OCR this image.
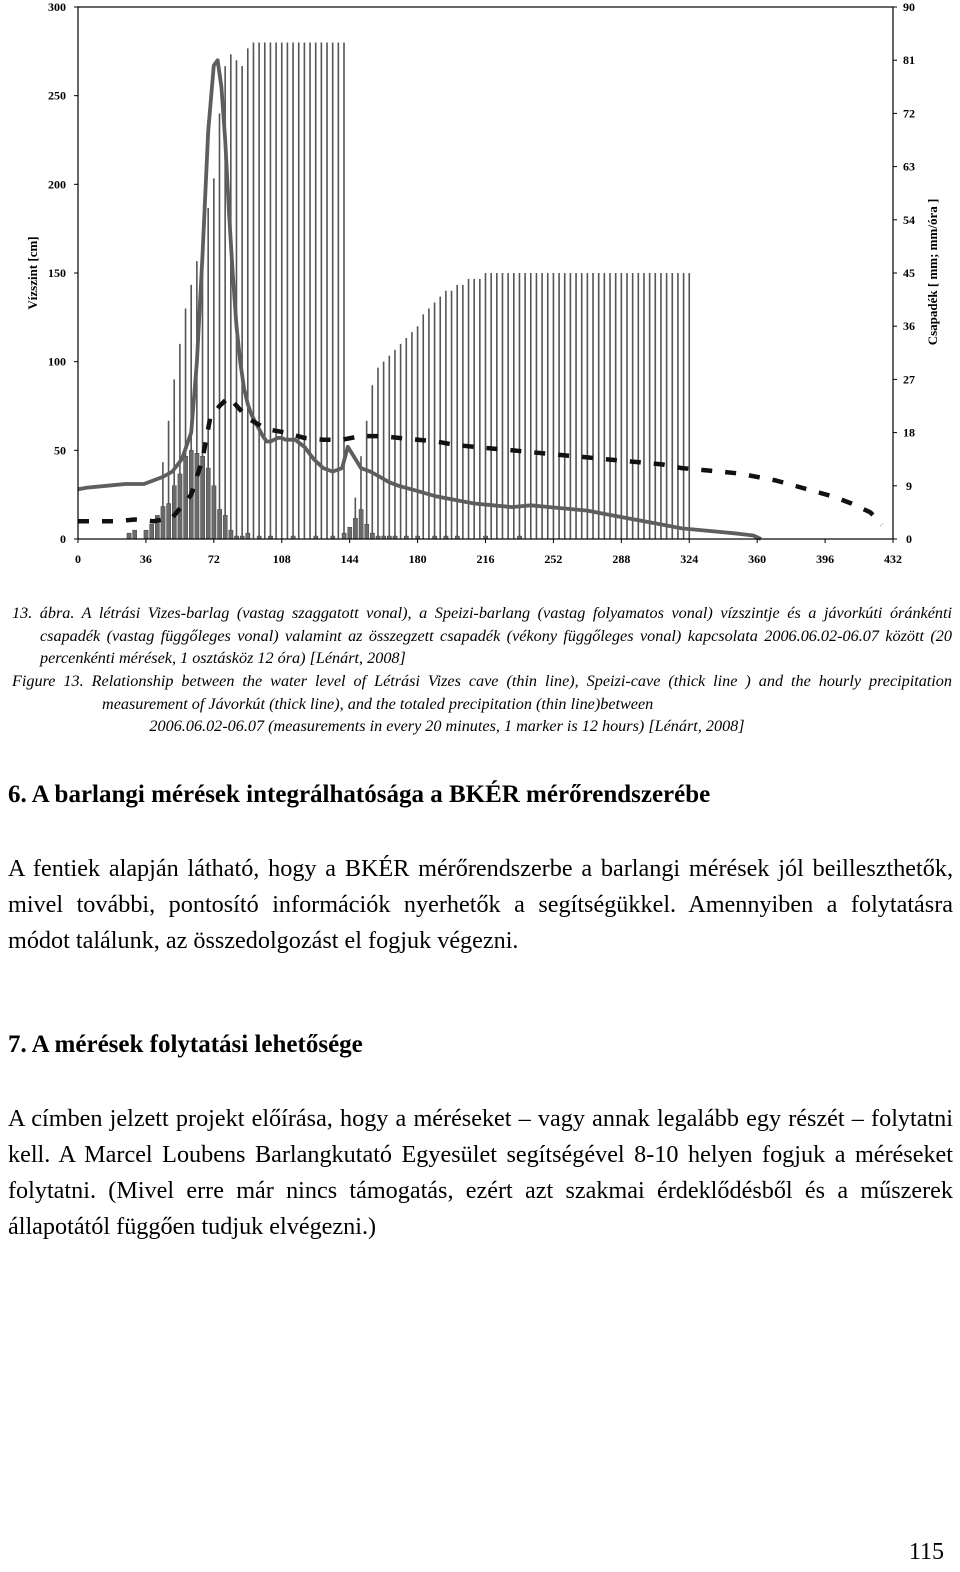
0	36	72	108	144	180	216	252	288	324	360	396	432
0
50
100
150
200
250
300
0
9
18
27
36
45
54
63
72
81
90
Vízszint [cm]	Csapadék [ mm; mm/óra ]
13. ábra. A létrási Vizes-barlag (vastag szaggatott vonal), a Speizi-barlang (vastag folyamatos vonal) vízszintje és a jávorkúti óránkénti csapadék (vastag függőleges vonal) valamint az összegzett csapadék (vékony függőleges vonal) kapcsolata 2006.06.02-06.07 között (20 percenkénti mérések, 1 osztásköz 12 óra) [Lénárt, 2008]
Figure 13. Relationship between the water level of Létrási Vizes cave (thin line), Speizi-cave (thick line ) and the hourly precipitation measurement of Jávorkút (thick line), and the totaled precipitation (thin line)between
2006.06.02-06.07 (measurements in every 20 minutes, 1 marker is 12 hours) [Lénárt, 2008]
6. A barlangi mérések integrálhatósága a BKÉR mérőrendszerébe

A fentiek alapján látható, hogy a BKÉR mérőrendszerbe a barlangi mérések jól beilleszthetők, mivel további, pontosító információk nyerhetők a segítségükkel. Amennyiben a folytatásra módot találunk, az összedolgozást el fogjuk végezni.

7. A mérések folytatási lehetősége

A címben jelzett projekt előírása, hogy a méréseket – vagy annak legalább egy részét – folytatni kell. A Marcel Loubens Barlangkutató Egyesület segítségével 8-10 helyen fogjuk a méréseket folytatni. (Mivel erre már nincs támogatás, ezért azt szakmai érdeklődésből és a műszerek állapotától függően tudjuk elvégezni.)

115
